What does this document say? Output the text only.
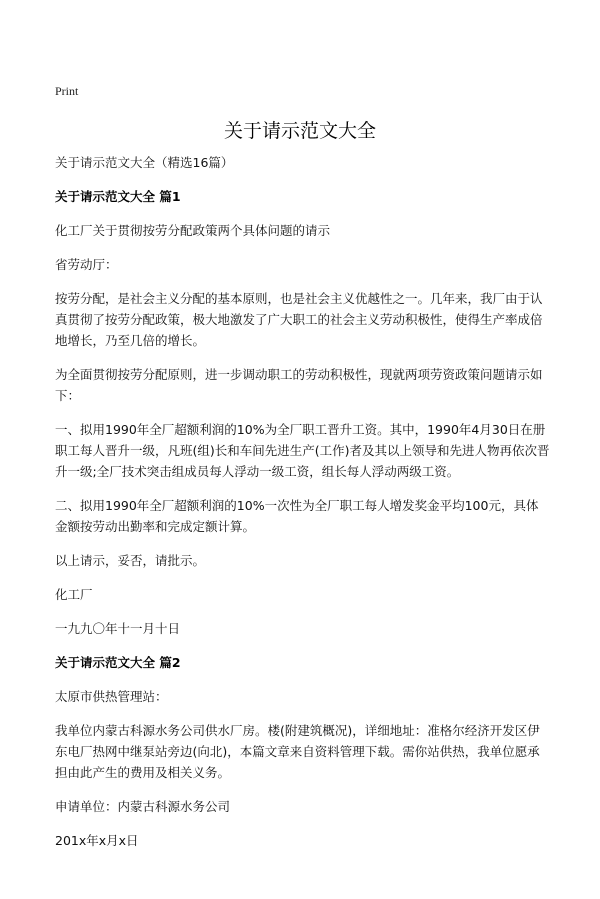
Print
关于请示范文大全
关于请示范文大全（精选16篇）
关于请示范文大全 篇1
化工厂关于贯彻按劳分配政策两个具体问题的请示
省劳动厅：
按劳分配，是社会主义分配的基本原则，也是社会主义优越性之一。几年来，我厂由于认真贯彻了按劳分配政策，极大地激发了广大职工的社会主义劳动积极性，使得生产率成倍地增长，乃至几倍的增长。
为全面贯彻按劳分配原则，进一步调动职工的劳动积极性，现就两项劳资政策问题请示如下：
一、拟用1990年全厂超额利润的10%为全厂职工晋升工资。其中，1990年4月30日在册职工每人晋升一级，凡班(组)长和车间先进生产(工作)者及其以上领导和先进人物再依次晋升一级;全厂技术突击组成员每人浮动一级工资，组长每人浮动两级工资。
二、拟用1990年全厂超额利润的10%一次性为全厂职工每人增发奖金平均100元，具体金额按劳动出勤率和完成定额计算。
以上请示，妥否，请批示。
化工厂
一九九〇年十一月十日
关于请示范文大全 篇2
太原市供热管理站：
我单位内蒙古科源水务公司供水厂房。楼(附建筑概况)，详细地址：准格尔经济开发区伊东电厂热网中继泵站旁边(向北)，本篇文章来自资料管理下载。需你站供热，我单位愿承担由此产生的费用及相关义务。
申请单位：内蒙古科源水务公司
201x年x月x日
